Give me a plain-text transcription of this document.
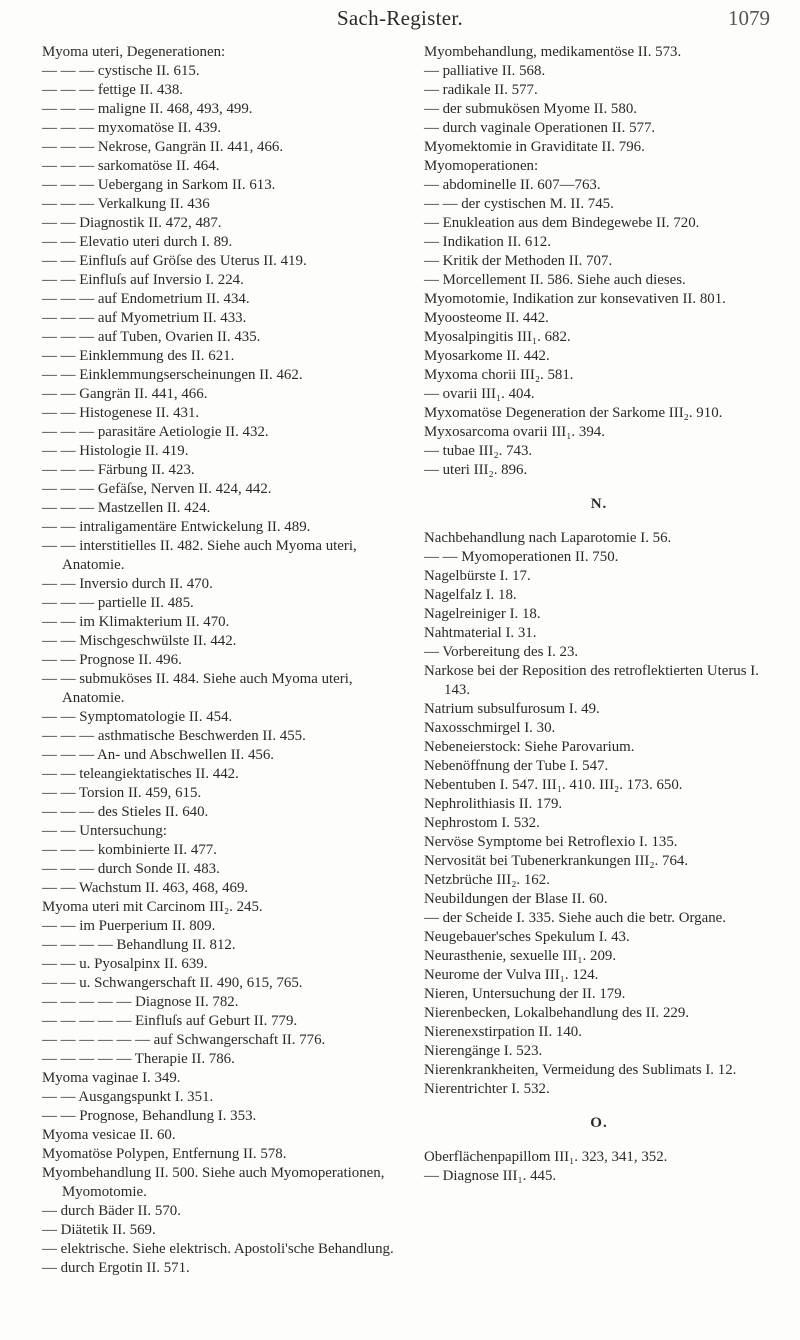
Sach-Register.	1079
Myoma uteri, Degenerationen:
— — — cystische II. 615.
— — — fettige II. 438.
— — — maligne II. 468, 493, 499.
— — — myxomatöse II. 439.
— — — Nekrose, Gangrän II. 441, 466.
— — — sarkomatöse II. 464.
— — — Uebergang in Sarkom II. 613.
— — — Verkalkung II. 436
— — Diagnostik II. 472, 487.
— — Elevatio uteri durch I. 89.
— — Einfluſs auf Gröſse des Uterus II. 419.
— — Einfluſs auf Inversio I. 224.
— — — auf Endometrium II. 434.
— — — auf Myometrium II. 433.
— — — auf Tuben, Ovarien II. 435.
— — Einklemmung des II. 621.
— — Einklemmungserscheinungen II. 462.
— — Gangrän II. 441, 466.
— — Histogenese II. 431.
— — — parasitäre Aetiologie II. 432.
— — Histologie II. 419.
— — — Färbung II. 423.
— — — Gefäſse, Nerven II. 424, 442.
— — — Mastzellen II. 424.
— — intraligamentäre Entwickelung II. 489.
— — interstitielles II. 482. Siehe auch Myoma uteri, Anatomie.
— — Inversio durch II. 470.
— — — partielle II. 485.
— — im Klimakterium II. 470.
— — Mischgeschwülste II. 442.
— — Prognose II. 496.
— — submuköses II. 484. Siehe auch Myoma uteri, Anatomie.
— — Symptomatologie II. 454.
— — — asthmatische Beschwerden II. 455.
— — — An- und Abschwellen II. 456.
— — teleangiektatisches II. 442.
— — Torsion II. 459, 615.
— — — des Stieles II. 640.
— — Untersuchung:
— — — kombinierte II. 477.
— — — durch Sonde II. 483.
— — Wachstum II. 463, 468, 469.
Myoma uteri mit Carcinom III₂. 245.
— — im Puerperium II. 809.
— — — — Behandlung II. 812.
— — u. Pyosalpinx II. 639.
— — u. Schwangerschaft II. 490, 615, 765.
— — — — — Diagnose II. 782.
— — — — — Einfluſs auf Geburt II. 779.
— — — — — — auf Schwangerschaft II. 776.
— — — — — Therapie II. 786.
Myoma vaginae I. 349.
— — Ausgangspunkt I. 351.
— — Prognose, Behandlung I. 353.
Myoma vesicae II. 60.
Myomatöse Polypen, Entfernung II. 578.
Myombehandlung II. 500. Siehe auch Myomoperationen, Myomotomie.
— durch Bäder II. 570.
— Diätetik II. 569.
— elektrische. Siehe elektrisch. Apostoli'sche Behandlung.
— durch Ergotin II. 571.
Myombehandlung, medikamentöse II. 573.
— palliative II. 568.
— radikale II. 577.
— der submukösen Myome II. 580.
— durch vaginale Operationen II. 577.
Myomektomie in Graviditate II. 796.
Myomoperationen:
— abdominelle II. 607—763.
— — der cystischen M. II. 745.
— Enukleation aus dem Bindegewebe II. 720.
— Indikation II. 612.
— Kritik der Methoden II. 707.
— Morcellement II. 586. Siehe auch dieses.
Myomotomie, Indikation zur konsevativen II. 801.
Myoosteome II. 442.
Myosalpingitis III₁. 682.
Myosarkome II. 442.
Myxoma chorii III₂. 581.
— ovarii III₁. 404.
Myxomatöse Degeneration der Sarkome III₂. 910.
Myxosarcoma ovarii III₁. 394.
— tubae III₂. 743.
— uteri III₂. 896.
N.
Nachbehandlung nach Laparotomie I. 56.
— — Myomoperationen II. 750.
Nagelbürste I. 17.
Nagelfalz I. 18.
Nagelreiniger I. 18.
Nahtmaterial I. 31.
— Vorbereitung des I. 23.
Narkose bei der Reposition des retroflektierten Uterus I. 143.
Natrium subsulfurosum I. 49.
Naxosschmirgel I. 30.
Nebeneierstock: Siehe Parovarium.
Nebenöffnung der Tube I. 547.
Nebentuben I. 547. III₁. 410. III₂. 173. 650.
Nephrolithiasis II. 179.
Nephrostom I. 532.
Nervöse Symptome bei Retroflexio I. 135.
Nervosität bei Tubenerkrankungen III₂. 764.
Netzbrüche III₂. 162.
Neubildungen der Blase II. 60.
— der Scheide I. 335. Siehe auch die betr. Organe.
Neugebauer'sches Spekulum I. 43.
Neurasthenie, sexuelle III₁. 209.
Neurome der Vulva III₁. 124.
Nieren, Untersuchung der II. 179.
Nierenbecken, Lokalbehandlung des II. 229.
Nierenexstirpation II. 140.
Nierengänge I. 523.
Nierenkrankheiten, Vermeidung des Sublimats I. 12.
Nierentrichter I. 532.
O.
Oberflächenpapillom III₁. 323, 341, 352.
— Diagnose III₁. 445.
